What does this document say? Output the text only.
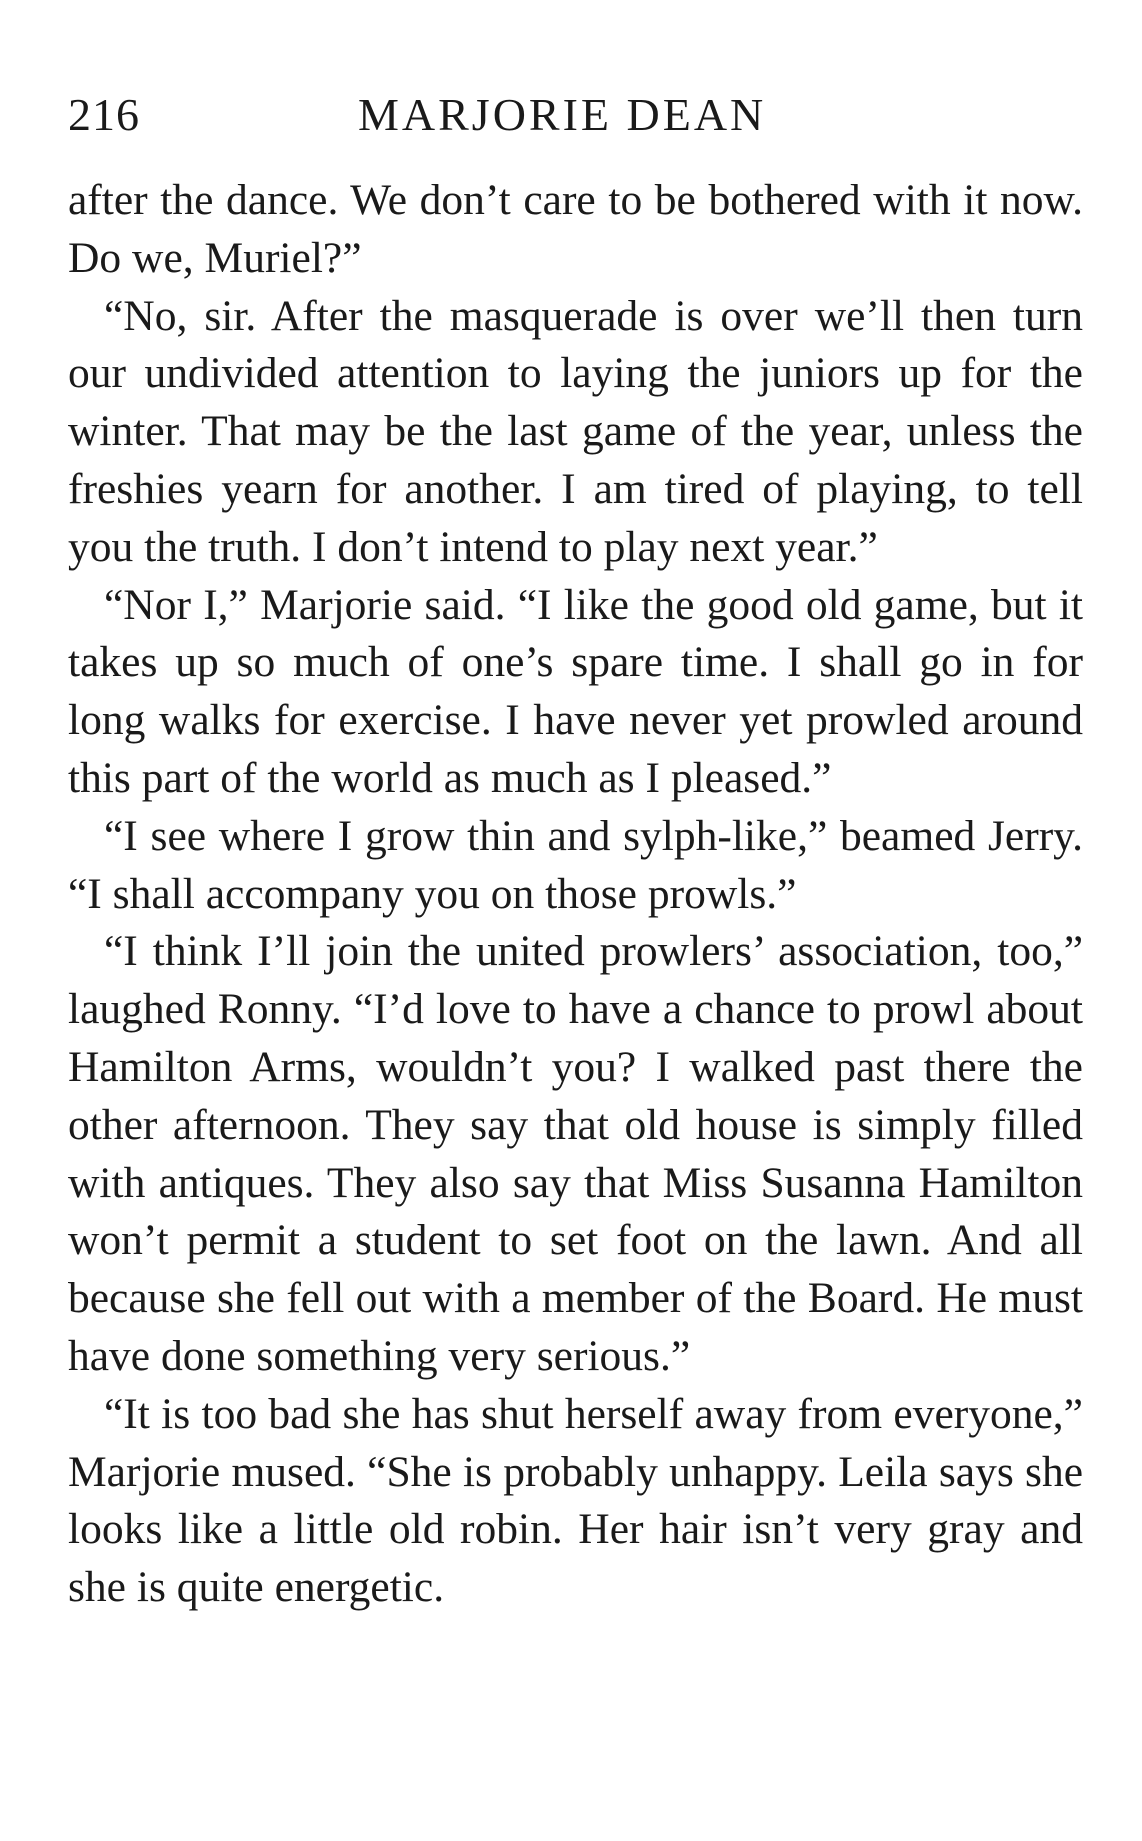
216	MARJORIE DEAN

after the dance. We don’t care to be bothered with it now. Do we, Muriel?”

“No, sir. After the masquerade is over we’ll then turn our undivided attention to laying the juniors up for the winter. That may be the last game of the year, unless the freshies yearn for another. I am tired of playing, to tell you the truth. I don’t intend to play next year.”

“Nor I,” Marjorie said. “I like the good old game, but it takes up so much of one’s spare time. I shall go in for long walks for exercise. I have never yet prowled around this part of the world as much as I pleased.”

“I see where I grow thin and sylph-like,” beamed Jerry. “I shall accompany you on those prowls.”

“I think I’ll join the united prowlers’ association, too,” laughed Ronny. “I’d love to have a chance to prowl about Hamilton Arms, wouldn’t you? I walked past there the other afternoon. They say that old house is simply filled with antiques. They also say that Miss Susanna Hamilton won’t permit a student to set foot on the lawn. And all because she fell out with a member of the Board. He must have done something very serious.”

“It is too bad she has shut herself away from everyone,” Marjorie mused. “She is probably unhappy. Leila says she looks like a little old robin. Her hair isn’t very gray and she is quite energetic.
